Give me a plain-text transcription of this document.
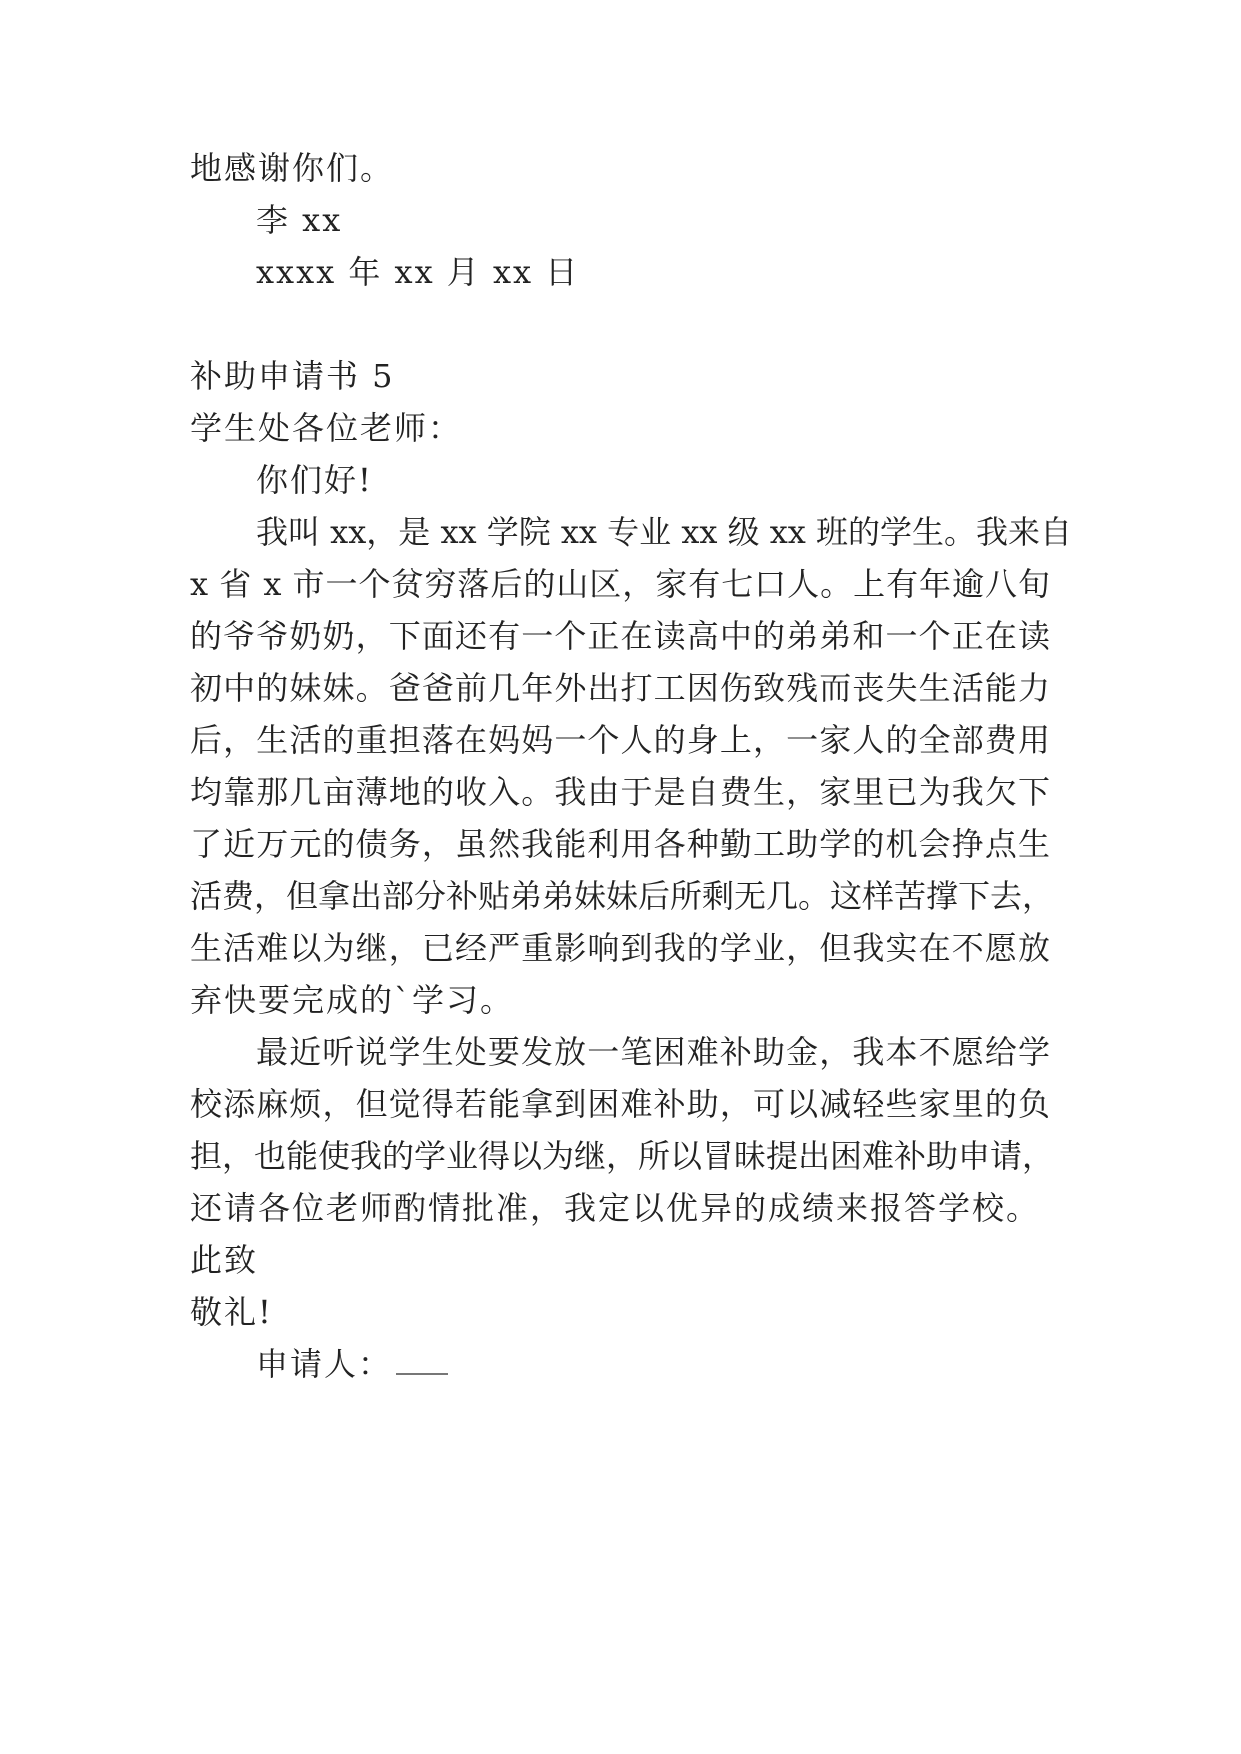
地感谢你们。
李 xx
xxxx 年 xx 月 xx 日
补助申请书 5
学生处各位老师：
你们好!
我叫 xx，是 xx 学院 xx 专业 xx 级 xx 班的学生。我来自
x 省 x 市一个贫穷落后的山区，家有七口人。上有年逾八旬
的爷爷奶奶，下面还有一个正在读高中的弟弟和一个正在读
初中的妹妹。爸爸前几年外出打工因伤致残而丧失生活能力
后，生活的重担落在妈妈一个人的身上，一家人的全部费用
均靠那几亩薄地的收入。我由于是自费生，家里已为我欠下
了近万元的债务，虽然我能利用各种勤工助学的机会挣点生
活费，但拿出部分补贴弟弟妹妹后所剩无几。这样苦撑下去，
生活难以为继，已经严重影响到我的学业，但我实在不愿放
弃快要完成的`学习。
最近听说学生处要发放一笔困难补助金，我本不愿给学
校添麻烦，但觉得若能拿到困难补助，可以减轻些家里的负
担，也能使我的学业得以为继，所以冒昧提出困难补助申请，
还请各位老师酌情批准，我定以优异的成绩来报答学校。
此致
敬礼!
申请人：
